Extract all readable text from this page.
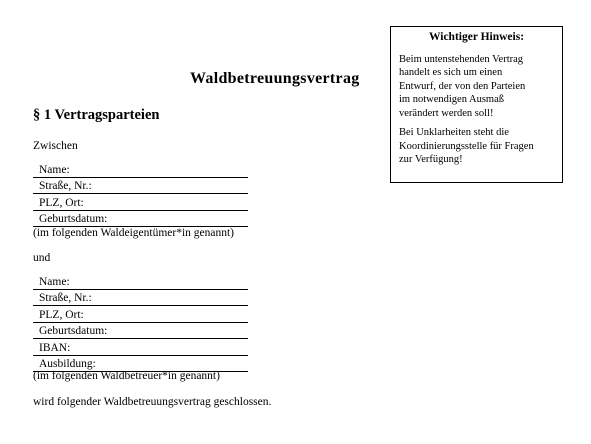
Waldbetreuungsvertrag
§ 1 Vertragsparteien
Zwischen
Name:
Straße, Nr.:
PLZ, Ort:
Geburtsdatum:
(im folgenden Waldeigentümer*in genannt)
und
Name:
Straße, Nr.:
PLZ, Ort:
Geburtsdatum:
IBAN:
Ausbildung:
(im folgenden Waldbetreuer*in genannt)
wird folgender Waldbetreuungsvertrag geschlossen.
Wichtiger Hinweis:

Beim untenstehenden Vertrag
handelt es sich um einen
Entwurf, der von den Parteien
im notwendigen Ausmaß
verändert werden soll!

Bei Unklarheiten steht die
Koordinierungsstelle für Fragen
zur Verfügung!
